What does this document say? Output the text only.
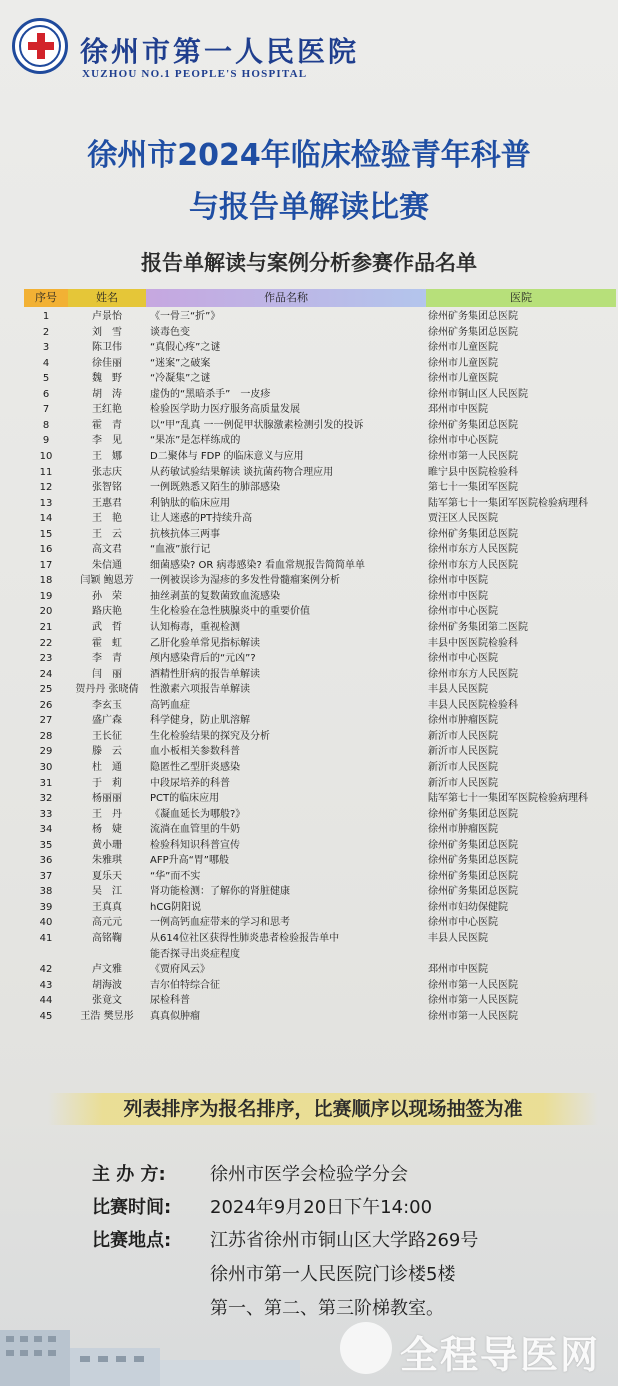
徐州市第一人民医院
XUZHOU NO.1 PEOPLE'S HOSPITAL
徐州市2024年临床检验青年科普
与报告单解读比赛
报告单解读与案例分析参赛作品名单
序号	姓名	作品名称	医院
1	卢景怡	《一骨三“折”》	徐州矿务集团总医院
2	刘　雪	谈毒色变	徐州矿务集团总医院
3	陈卫伟	“真假心疼”之谜	徐州市儿童医院
4	徐佳丽	“迷案”之破案	徐州市儿童医院
5	魏　野	“冷凝集”之谜	徐州市儿童医院
6	胡　涛	虚伪的“黑暗杀手”　一皮疹	徐州市铜山区人民医院
7	王红艳	检验医学助力医疗服务高质量发展	邳州市中医院
8	霍　青	以“甲”乱真 一一例促甲状腺激素检测引发的投诉	徐州矿务集团总医院
9	李　见	“果冻”是怎样练成的	徐州市中心医院
10	王　娜	D二聚体与 FDP 的临床意义与应用	徐州市第一人民医院
11	张志庆	从药敏试验结果解读 谈抗菌药物合理应用	睢宁县中医院检验科
12	张智铭	一例既熟悉又陌生的肺部感染	第七十一集团军医院
13	王惠君	利钠肽的临床应用	陆军第七十一集团军医院检验病理科
14	王　艳	让人迷惑的PT持续升高	贾汪区人民医院
15	王　云	抗核抗体三两事	徐州矿务集团总医院
16	高文君	“血液”旅行记	徐州市东方人民医院
17	朱信通	细菌感染? OR 病毒感染? 看血常规报告简简单单	徐州市东方人民医院
18	闫颖 鲍恩芳	一例被误诊为湿疹的多发性骨髓瘤案例分析	徐州市中医院
19	孙　荣	抽丝剥茧的复数菌致血流感染	徐州市中医院
20	路庆艳	生化检验在急性胰腺炎中的重要价值	徐州市中心医院
21	武　哲	认知梅毒，重视检测	徐州矿务集团第二医院
22	霍　虹	乙肝化验单常见指标解读	丰县中医医院检验科
23	李　青	颅内感染背后的“元凶”?	徐州市中心医院
24	闫　丽	酒精性肝病的报告单解读	徐州市东方人民医院
25	贺丹丹 张晓倩	性激素六项报告单解读	丰县人民医院
26	李玄玉	高钙血症	丰县人民医院检验科
27	盛广森	科学健身，防止肌溶解	徐州市肿瘤医院
28	王长征	生化检验结果的探究及分析	新沂市人民医院
29	滕　云	血小板相关参数科普	新沂市人民医院
30	杜　通	隐匿性乙型肝炎感染	新沂市人民医院
31	于　莉	中段尿培养的科普	新沂市人民医院
32	杨丽丽	PCT的临床应用	陆军第七十一集团军医院检验病理科
33	王　丹	《凝血延长为哪般?》	徐州矿务集团总医院
34	杨　婕	流淌在血管里的牛奶	徐州市肿瘤医院
35	黄小珊	检验科知识科普宣传	徐州矿务集团总医院
36	朱雅琪	AFP升高“胃”哪般	徐州矿务集团总医院
37	夏乐天	“华”而不实	徐州矿务集团总医院
38	吴　江	肾功能检测：了解你的肾脏健康	徐州矿务集团总医院
39	王真真	hCG阴阳说	徐州市妇幼保健院
40	高元元	一例高钙血症带来的学习和思考	徐州市中心医院
41	高铭鞠	从614位社区获得性肺炎患者检验报告单中	丰县人民医院
能否探寻出炎症程度
42	卢文雅	《贾府风云》	邳州市中医院
43	胡海波	吉尔伯特综合征	徐州市第一人民医院
44	张竟文	尿检科普	徐州市第一人民医院
45	王浩 樊昱彤	真真似肿瘤	徐州市第一人民医院
列表排序为报名排序，比赛顺序以现场抽签为准
主 办 方: 徐州市医学会检验学分会
比赛时间: 2024年9月20日下午14:00
比赛地点: 江苏省徐州市铜山区大学路269号
徐州市第一人民医院门诊楼5楼
第一、第二、第三阶梯教室。
全程导医网
